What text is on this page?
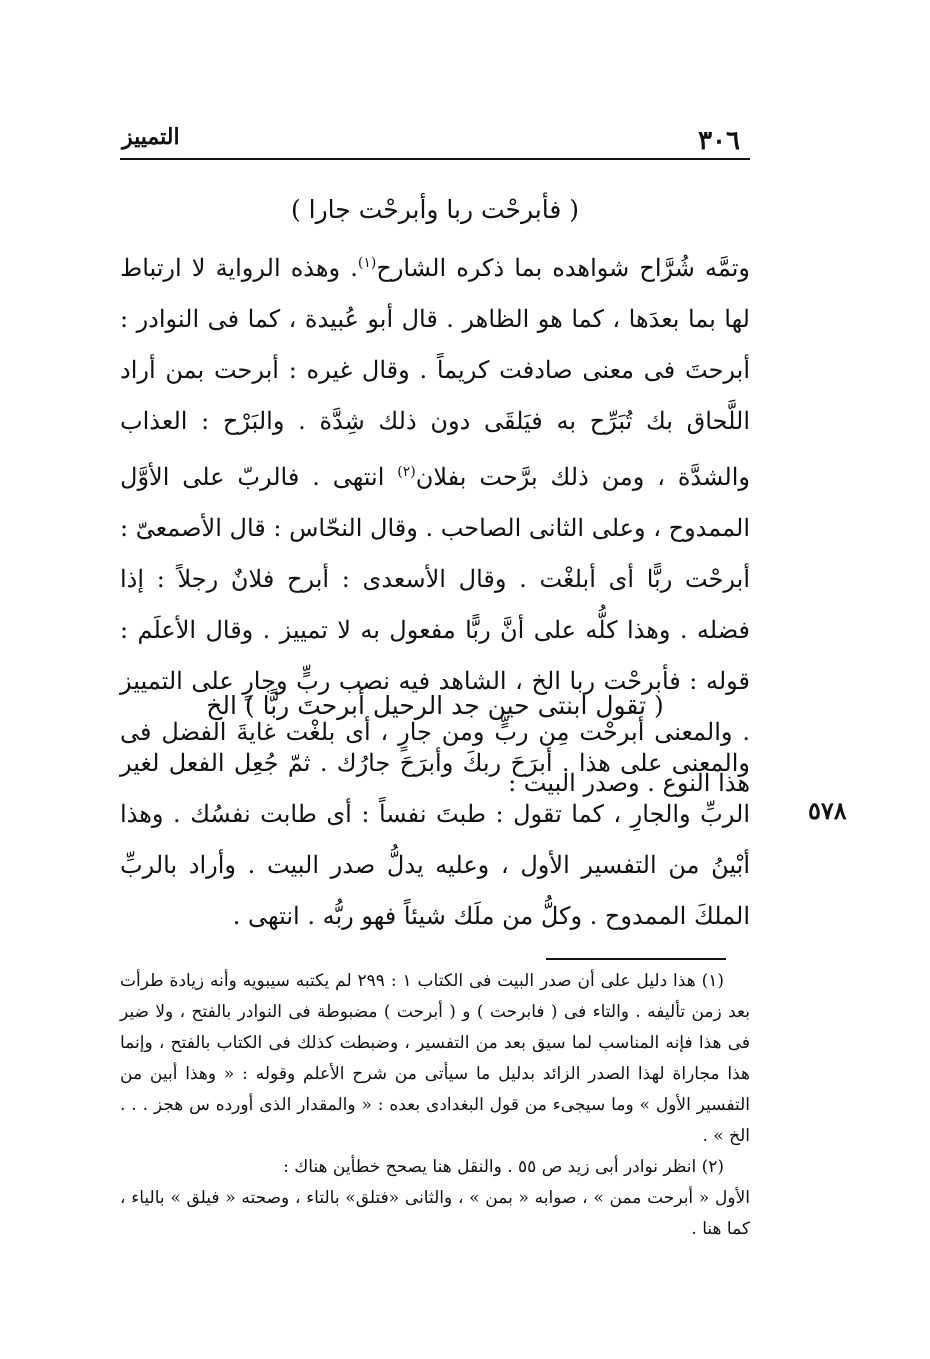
٣٠٦
التمييز
( فأبرحْت ربا وأبرحْت جارا )
وتمَّه شُرَّاح شواهده بما ذكره الشارح$^{(١)}$. وهذه الرواية لا ارتباط لها بما بعدَها ، كما هو الظاهر . قال أبو عُبيدة ، كما فى النوادر : أبرحتَ فى معنى صادفت كريماً . وقال غيره : أبرحت بمن أراد اللَّحاق بك تُبَرِّح به فيَلقَى دون ذلك شِدَّة . والبَرْح : العذاب والشدَّة ، ومن ذلك برَّحت بفلان$^{(٢)}$ انتهى . فالربّ على الأوَّل الممدوح ، وعلى الثانى الصاحب . وقال النحّاس : قال الأصمعىّ : أبرحْت ربًّا أى أبلغْت . وقال الأسعدى : أبرح فلانٌ رجلاً : إذا فضله . وهذا كلُّه على أنَّ ربًّا مفعول به لا تمييز . وقال الأعلَم : قوله : فأبرحْت ربا الخ ، الشاهد فيه نصب ربٍّ وجارٍ على التمييز . والمعنى أبرحْت مِن ربٍّ ومن جارٍ ، أى بلغْت غايةَ الفضل فى هذا النوع . وصدر البيت :
( تقول ابنتى حين جد الرحيل أبرحتَ ربًّا ) الخ
والمعنى على هذا . أبرَحَ ربكَ وأبرَحَ جارُك . ثمّ جُعِل الفعل لغير الربِّ والجارِ ، كما تقول : طبتَ نفساً : أى طابت نفسُك . وهذا أبْينُ من التفسير الأول ، وعليه يدلُّ صدر البيت . وأراد بالربِّ الملكَ الممدوح . وكلُّ من ملَك شيئاً فهو ربُّه . انتهى .
٥٧٨

(١) هذا دليل على أن صدر البيت فى الكتاب ١ : ٢٩٩ لم يكتبه سيبويه وأنه زيادة طرأت بعد زمن تأليفه . والتاء فى ( فابرحت ) و ( أبرحت ) مضبوطة فى النوادر بالفتح ، ولا ضير فى هذا فإنه المناسب لما سيق بعد من التفسير ، وضبطت كذلك فى الكتاب بالفتح ، وإنما هذا مجاراة لهذا الصدر الزائد بدليل ما سيأتى من شرح الأعلم وقوله : « وهذا أبين من التفسير الأول » وما سيجىء من قول البغدادى بعده : « والمقدار الذى أورده س هجز . . . الخ » .

(٢) انظر نوادر أبى زيد ص ٥٥ . والنقل هنا يصحح خطأين هناك :

الأول « أبرحت ممن » ، صوابه « بمن » ، والثانى «فتلق» بالتاء ، وصحته « فيلق » بالياء ، كما هنا .
